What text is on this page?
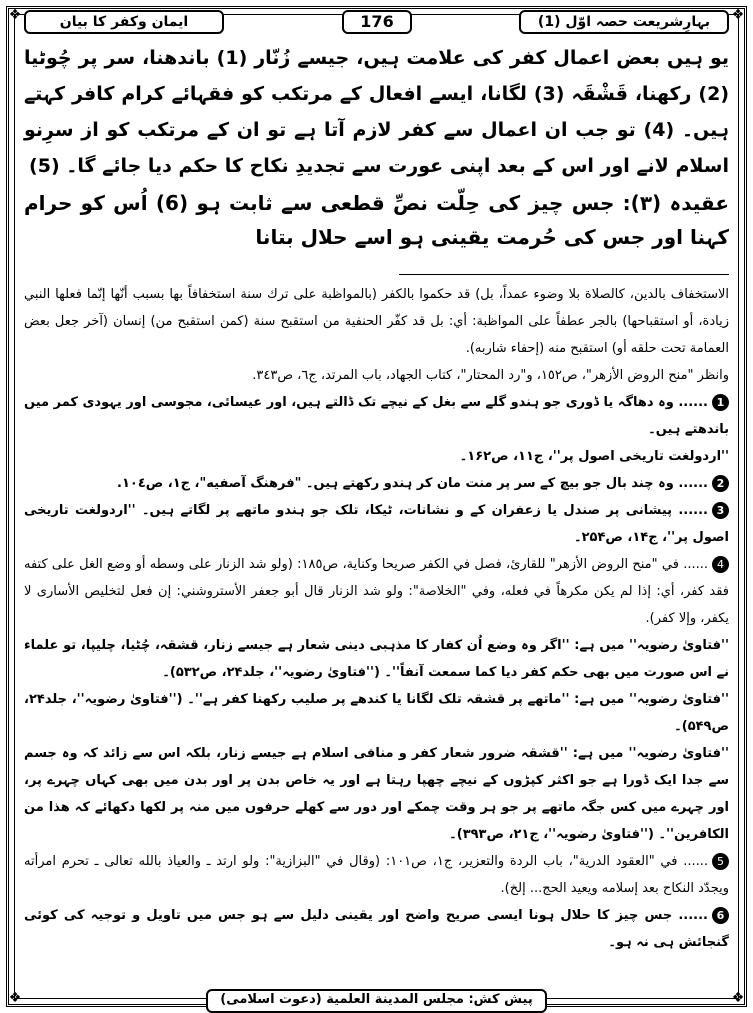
❖	❖
❖	❖
بہارِشریعت حصہ اوّل (1)
176
ایمان وکفر کا بیان

یو ہیں بعض اعمال کفر کی علامت ہیں، جیسے زُنّار (1) باندھنا، سر پر چُوٹیا (2) رکھنا، قَشْقَہ (3) لگانا، ایسے افعال کے مرتکب کو فقہائے کرام کافر کہتے ہیں۔ (4) تو جب ان اعمال سے کفر لازم آتا ہے تو ان کے مرتکب کو از سرِنو اسلام لانے اور اس کے بعد اپنی عورت سے تجدیدِ نکاح کا حکم دیا جائے گا۔ (5)

عقیدہ (۳): جس چیز کی حِلّت نصِّ قطعی سے ثابت ہو (6) اُس کو حرام کہنا اور جس کی حُرمت یقینی ہو اسے حلال بتانا

الاستخفاف بالدين، كالصلاة بلا وضوء عمداً، بل) قد حكموا بالكفر (بالمواظبة على ترك سنة استخفافاً بها بسبب أنّها إنّما فعلها النبي زيادة، أو استقباحها) بالجر عطفاً على المواظبة: أي: بل قد كفّر الحنفية من استقبح سنة (كمن استقبح من) إنسان (آخر جعل بعض العمامة تحت حلقه أو) استقبح منه (إحفاء شاربه).

وانظر "منح الروض الأزهر"، ص١٥٢، و"رد المحتار"، كتاب الجهاد، باب المرتد، ج٦، ص٣٤٣.

1...... وہ دھاگہ یا ڈوری جو ہندو گلے سے بغل کے نیچے تک ڈالتے ہیں، اور عیسائی، مجوسی اور یہودی کمر میں باندھتے ہیں۔

''اردولغت تاریخی اصول پر''، ج۱۱، ص۱۶۲۔

2...... وہ چند بال جو بیچ کے سر پر منت مان کر ہندو رکھتے ہیں۔ "فرهنگ آصفيه"، ج١، ص١٠٤.

3...... پیشانی پر صندل یا زعفران کے و نشانات، ٹیکا، تلک جو ہندو ماتھے پر لگاتے ہیں۔ ''اردولغت تاریخی اصول پر''، ج۱۴، ص۲۵۴۔

4...... في "منح الروض الأزهر" للقارئ، فصل في الكفر صريحا وكناية، ص١٨٥: (ولو شد الزنار على وسطه أو وضع الغل على كتفه فقد كفر، أي: إذا لم يكن مكرهاً في فعله، وفي "الخلاصة": ولو شد الزنار قال أبو جعفر الأستروشني: إن فعل لتخليص الأسارى لا يكفر، وإلا كفر).

''فتاویٰ رضویہ'' میں ہے: ''اگر وہ وضع اُن کفار کا مذہبی دینی شعار ہے جیسے زنار، قشقہ، چُٹیا، چلیپا، تو علماء نے اس صورت میں بھی حکم کفر دیا کما سمعت آنفاً''۔ (''فتاویٰ رضویہ''، جلد۲۴، ص۵۳۲)۔

''فتاویٰ رضویہ'' میں ہے: ''ماتھے پر قشقہ تلک لگانا یا کندھے پر صلیب رکھنا کفر ہے''۔ (''فتاویٰ رضویہ''، جلد۲۴، ص۵۴۹)۔

''فتاویٰ رضویہ'' میں ہے: ''قشقہ ضرور شعار کفر و منافی اسلام ہے جیسے زنار، بلکہ اس سے زائد کہ وہ جسم سے جدا ایک ڈورا ہے جو اکثر کپڑوں کے نیچے چھپا رہتا ہے اور یہ خاص بدن پر اور بدن میں بھی کہاں چہرے پر، اور چہرے میں کس جگہ ماتھے پر جو ہر وقت چمکے اور دور سے کھلے حرفوں میں منہ پر لکھا دکھائے کہ هذا من الكافرين''۔ (''فتاویٰ رضویہ''، ج۲۱، ص۳۹۳)۔

5...... في "العقود الدرية"، باب الردة والتعزير، ج١، ص١٠١: (وقال في "البزازية": ولو ارتد ـ والعياذ بالله تعالى ـ تحرم امرأته ويجدّد النكاح بعد إسلامه ويعيد الحج... إلخ).

6...... جس چیز کا حلال ہونا ایسی صریح واضح اور یقینی دلیل سے ہو جس میں تاویل و توجیہ کی کوئی گنجائش ہی نہ ہو۔

پیش کش: مجلس المدينة العلمية (دعوت اسلامی)
